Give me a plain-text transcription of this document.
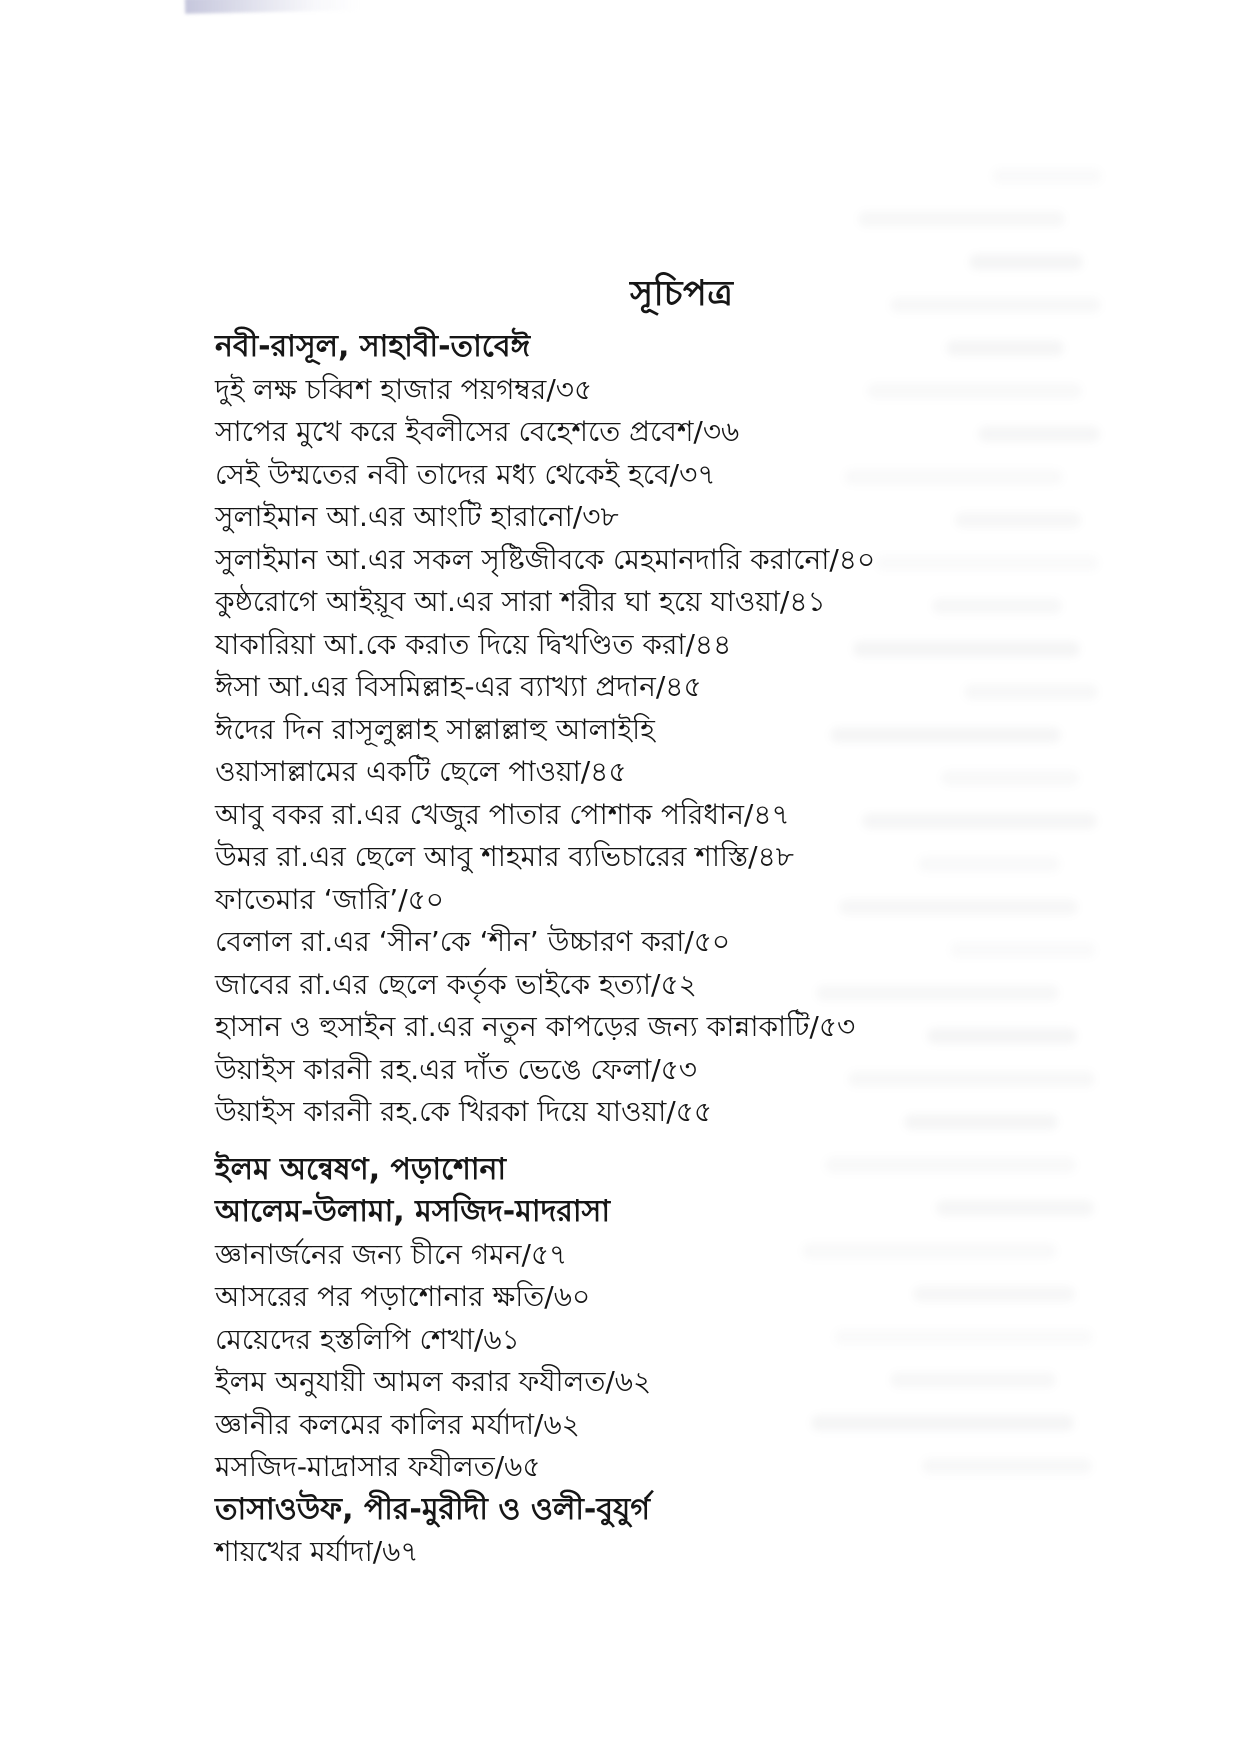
সূচিপত্র
নবী-রাসূল, সাহাবী-তাবেঈ
দুই লক্ষ চব্বিশ হাজার পয়গম্বর/৩৫
সাপের মুখে করে ইবলীসের বেহেশতে প্রবেশ/৩৬
সেই উম্মতের নবী তাদের মধ্য থেকেই হবে/৩৭
সুলাইমান আ.এর আংটি হারানো/৩৮
সুলাইমান আ.এর সকল সৃষ্টিজীবকে মেহমানদারি করানো/৪০
কুষ্ঠরোগে আইয়ূব আ.এর সারা শরীর ঘা হয়ে যাওয়া/৪১
যাকারিয়া আ.কে করাত দিয়ে দ্বিখণ্ডিত করা/৪৪
ঈসা আ.এর বিসমিল্লাহ-এর ব্যাখ্যা প্রদান/৪৫
ঈদের দিন রাসূলুল্লাহ সাল্লাল্লাহু আলাইহি
ওয়াসাল্লামের একটি ছেলে পাওয়া/৪৫
আবু বকর রা.এর খেজুর পাতার পোশাক পরিধান/৪৭
উমর রা.এর ছেলে আবু শাহমার ব্যভিচারের শাস্তি/৪৮
ফাতেমার ‘জারি’/৫০
বেলাল রা.এর ‘সীন’কে ‘শীন’ উচ্চারণ করা/৫০
জাবের রা.এর ছেলে কর্তৃক ভাইকে হত্যা/৫২
হাসান ও হুসাইন রা.এর নতুন কাপড়ের জন্য কান্নাকাটি/৫৩
উয়াইস কারনী রহ.এর দাঁত ভেঙে ফেলা/৫৩
উয়াইস কারনী রহ.কে খিরকা দিয়ে যাওয়া/৫৫
ইলম অন্বেষণ, পড়াশোনা
আলেম-উলামা, মসজিদ-মাদরাসা
জ্ঞানার্জনের জন্য চীনে গমন/৫৭
আসরের পর পড়াশোনার ক্ষতি/৬০
মেয়েদের হস্তলিপি শেখা/৬১
ইলম অনুযায়ী আমল করার ফযীলত/৬২
জ্ঞানীর কলমের কালির মর্যাদা/৬২
মসজিদ-মাদ্রাসার ফযীলত/৬৫
তাসাওউফ, পীর-মুরীদী ও ওলী-বুযুর্গ
শায়খের মর্যাদা/৬৭
